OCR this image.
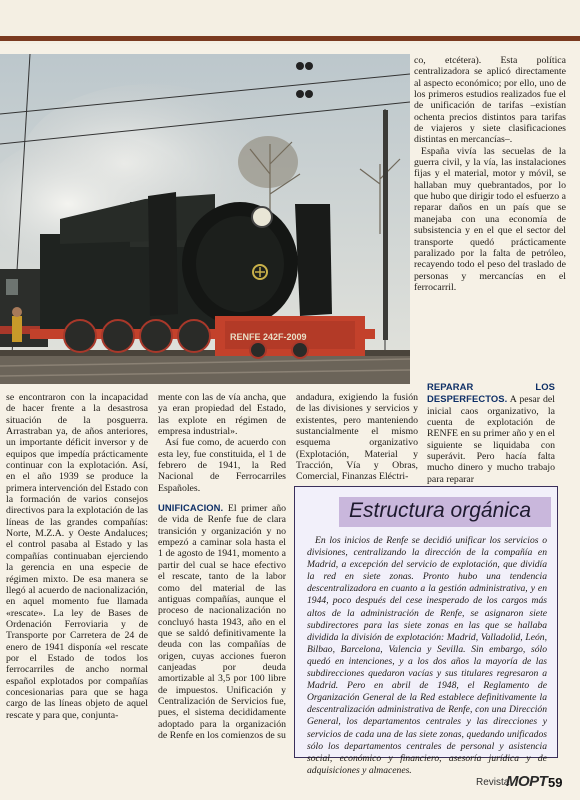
RENFE 242F-2009

co, etcétera). Esta política centralizadora se aplicó directamente al aspecto económico; por ello, uno de los primeros estudios realizados fue el de unificación de tarifas –existían ochenta precios distintos para tarifas de viajeros y siete clasificaciones distintas en mercancías–.

España vivía las secuelas de la guerra civil, y la vía, las instalaciones fijas y el material, motor y móvil, se hallaban muy quebrantados, por lo que hubo que dirigir todo el esfuerzo a reparar daños en un país que se manejaba con una economía de subsistencia y en el que el sector del transporte quedó prácticamente paralizado por la falta de petróleo, recayendo todo el peso del traslado de personas y mercancías en el ferrocarril.

se encontraron con la incapacidad de hacer frente a la desastrosa situación de la posguerra. Arrastraban ya, de años anteriores, un importante déficit inversor y de equipos que impedía prácticamente continuar con la explotación. Así, en el año 1939 se produce la primera intervención del Estado con la formación de varios consejos directivos para la explotación de las líneas de las grandes compañías: Norte, M.Z.A. y Oeste Andaluces; el control pasaba al Estado y las compañías continuaban ejerciendo la gerencia en una especie de régimen mixto. De esa manera se llegó al acuerdo de nacionalización, en aquel momento fue llamada «rescate». La ley de Bases de Ordenación Ferroviaria y de Transporte por Carretera de 24 de enero de 1941 disponía «el rescate por el Estado de todos los ferrocarriles de ancho normal español explotados por compañías concesionarias para que se haga cargo de las líneas objeto de aquel rescate y para que, conjunta-

mente con las de vía ancha, que ya eran propiedad del Estado, las explote en régimen de empresa industrial».

Así fue como, de acuerdo con esta ley, fue constituida, el 1 de febrero de 1941, la Red Nacional de Ferrocarriles Españoles.

UNIFICACION. El primer año de vida de Renfe fue de clara transición y organización y no empezó a caminar sola hasta el 1 de agosto de 1941, momento a partir del cual se hace efectivo el rescate, tanto de la labor como del material de las antiguas compañías, aunque el proceso de nacionalización no concluyó hasta 1943, año en el que se saldó definitivamente la deuda con las compañías de origen, cuyas acciones fueron canjeadas por deuda amortizable al 3,5 por 100 libre de impuestos. Unificación y Centralización de Servicios fue, pues, el sistema decididamente adoptado para la organización de Renfe en los comienzos de su

andadura, exigiendo la fusión de las divisiones y servicios y existentes, pero manteniendo sustancialmente el mismo esquema organizativo (Explotación, Material y Tracción, Vía y Obras, Comercial, Finanzas Eléctri-

REPARAR LOS DESPERFECTOS. A pesar del inicial caos organizativo, la cuenta de explotación de RENFE en su primer año y en el siguiente se liquidaba con superávit. Pero hacía falta mucho dinero y mucho trabajo para reparar

Estructura orgánica

En los inicios de Renfe se decidió unificar los servicios o divisiones, centralizando la dirección de la compañía en Madrid, a excepción del servicio de explotación, que dividía la red en siete zonas. Pronto hubo una tendencia descentralizadora en cuanto a la gestión administrativa, y en 1944, poco después del cese inesperado de los cargos más altos de la administración de Renfe, se asignaron siete subdirectores para las siete zonas en las que se hallaba dividida la división de explotación: Madrid, Valladolid, León, Bilbao, Barcelona, Valencia y Sevilla. Sin embargo, sólo quedó en intenciones, y a los dos años la mayoría de las subdirecciones quedaron vacías y sus titulares regresaron a Madrid. Pero en abril de 1948, el Reglamento de Organización General de la Red establece definitivamente la descentralización administrativa de Renfe, con una Dirección General, los departamentos centrales y las direcciones y servicios de cada una de las siete zonas, quedando unificados sólo los departamentos centrales de personal y asistencia social, económico y financiero, asesoría jurídica y de adquisiciones y almacenes.

Revista
MOPT 59
